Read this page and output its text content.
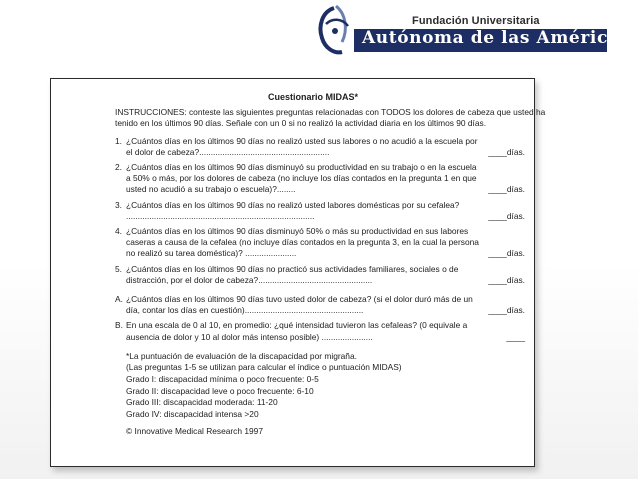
Fundación Universitaria
Autónoma de las Américas
Cuestionario MIDAS*
INSTRUCCIONES: conteste las siguientes preguntas relacionadas con TODOS los dolores de cabeza que usted ha tenido en los últimos 90 días. Señale con un 0 si no realizó la actividad diaria en los últimos 90 días.
1. ¿Cuántos días en los últimos 90 días no realizó usted sus labores o no acudió a la escuela por el dolor de cabeza?........................................................	____días.
2. ¿Cuántos días en los últimos 90 días disminuyó su productividad en su trabajo o en la escuela a 50% o más, por los dolores de cabeza (no incluye los días contados en la pregunta 1 en que usted no acudió a su trabajo o escuela)?........	____días.
3. ¿Cuántos días en los últimos 90 días no realizó usted labores domésticas por su cefalea? .................................................................................	____días.
4. ¿Cuántos días en los últimos 90 días disminuyó 50% o más su productividad en sus labores caseras a causa de la cefalea (no incluye días contados en la pregunta 3, en la cual la persona no realizó su tarea doméstica)? ......................	____días.
5. ¿Cuántos días en los últimos 90 días no practicó sus actividades familiares, sociales o de distracción, por el dolor de cabeza?.................................................	____días.
A. ¿Cuántos días en los últimos 90 días tuvo usted dolor de cabeza? (si el dolor duró más de un día, contar los días en cuestión)...................................................	____días.
B. En una escala de 0 al 10, en promedio: ¿qué intensidad tuvieron las cefaleas? (0 equivale a ausencia de dolor y 10 al dolor más intenso posible) ......................	____
*La puntuación de evaluación de la discapacidad por migraña.
(Las preguntas 1-5 se utilizan para calcular el índice o puntuación MIDAS)
Grado I: discapacidad mínima o poco frecuente: 0-5
Grado II: discapacidad leve o poco frecuente: 6-10
Grado III: discapacidad moderada: 11-20
Grado IV: discapacidad intensa >20
© Innovative Medical Research 1997
